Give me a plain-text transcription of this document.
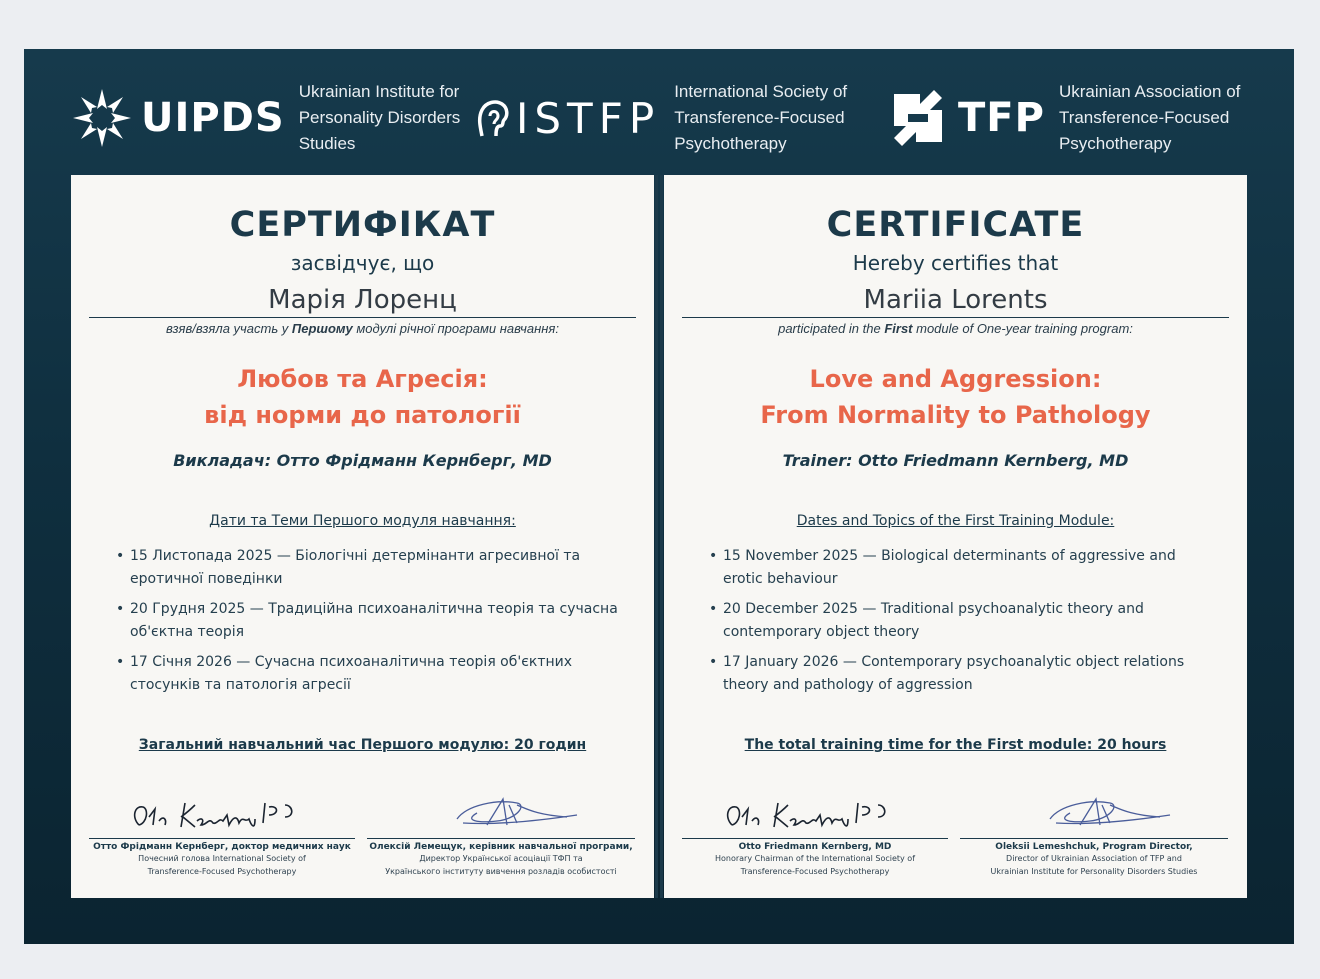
UIPDS
Ukrainian Institute for
Personality Disorders
Studies
ISTFP
International Society of
Transference-Focused
Psychotherapy
TFP
Ukrainian Association of
Transference-Focused
Psychotherapy
СЕРТИФІКАТ
засвідчує, що
Марія Лоренц
взяв/взяла участь у Першому модулі річної програми навчання:
Любов та Агресія:
від норми до патології
Викладач: Отто Фрідманн Кернберг, MD
Дати та Теми Першого модуля навчання:
• 15 Листопада 2025 — Біологічні детермінанти агресивної та еротичної поведінки
• 20 Грудня 2025 — Традиційна психоаналітична теорія та сучасна об'єктна теорія
• 17 Січня 2026 — Сучасна психоаналітична теорія об'єктних стосунків та патологія агресії
Загальний навчальний час Першого модулю: 20 годин
Отто Фрідманн Кернберг, доктор медичних наук
Почесний голова International Society of
Transference-Focused Psychotherapy
Олексій Лемещук, керівник навчальної програми,
Директор Української асоціації ТФП та
Українського інституту вивчення розладів особистості
CERTIFICATE
Hereby certifies that
Mariia Lorents
participated in the First module of One-year training program:
Love and Aggression:
From Normality to Pathology
Trainer: Otto Friedmann Kernberg, MD
Dates and Topics of the First Training Module:
• 15 November 2025 — Biological determinants of aggressive and erotic behaviour
• 20 December 2025 — Traditional psychoanalytic theory and contemporary object theory
• 17 January 2026 — Contemporary psychoanalytic object relations theory and pathology of aggression
The total training time for the First module: 20 hours
Otto Friedmann Kernberg, MD
Honorary Chairman of the International Society of
Transference-Focused Psychotherapy
Oleksii Lemeshchuk, Program Director,
Director of Ukrainian Association of TFP and
Ukrainian Institute for Personality Disorders Studies
